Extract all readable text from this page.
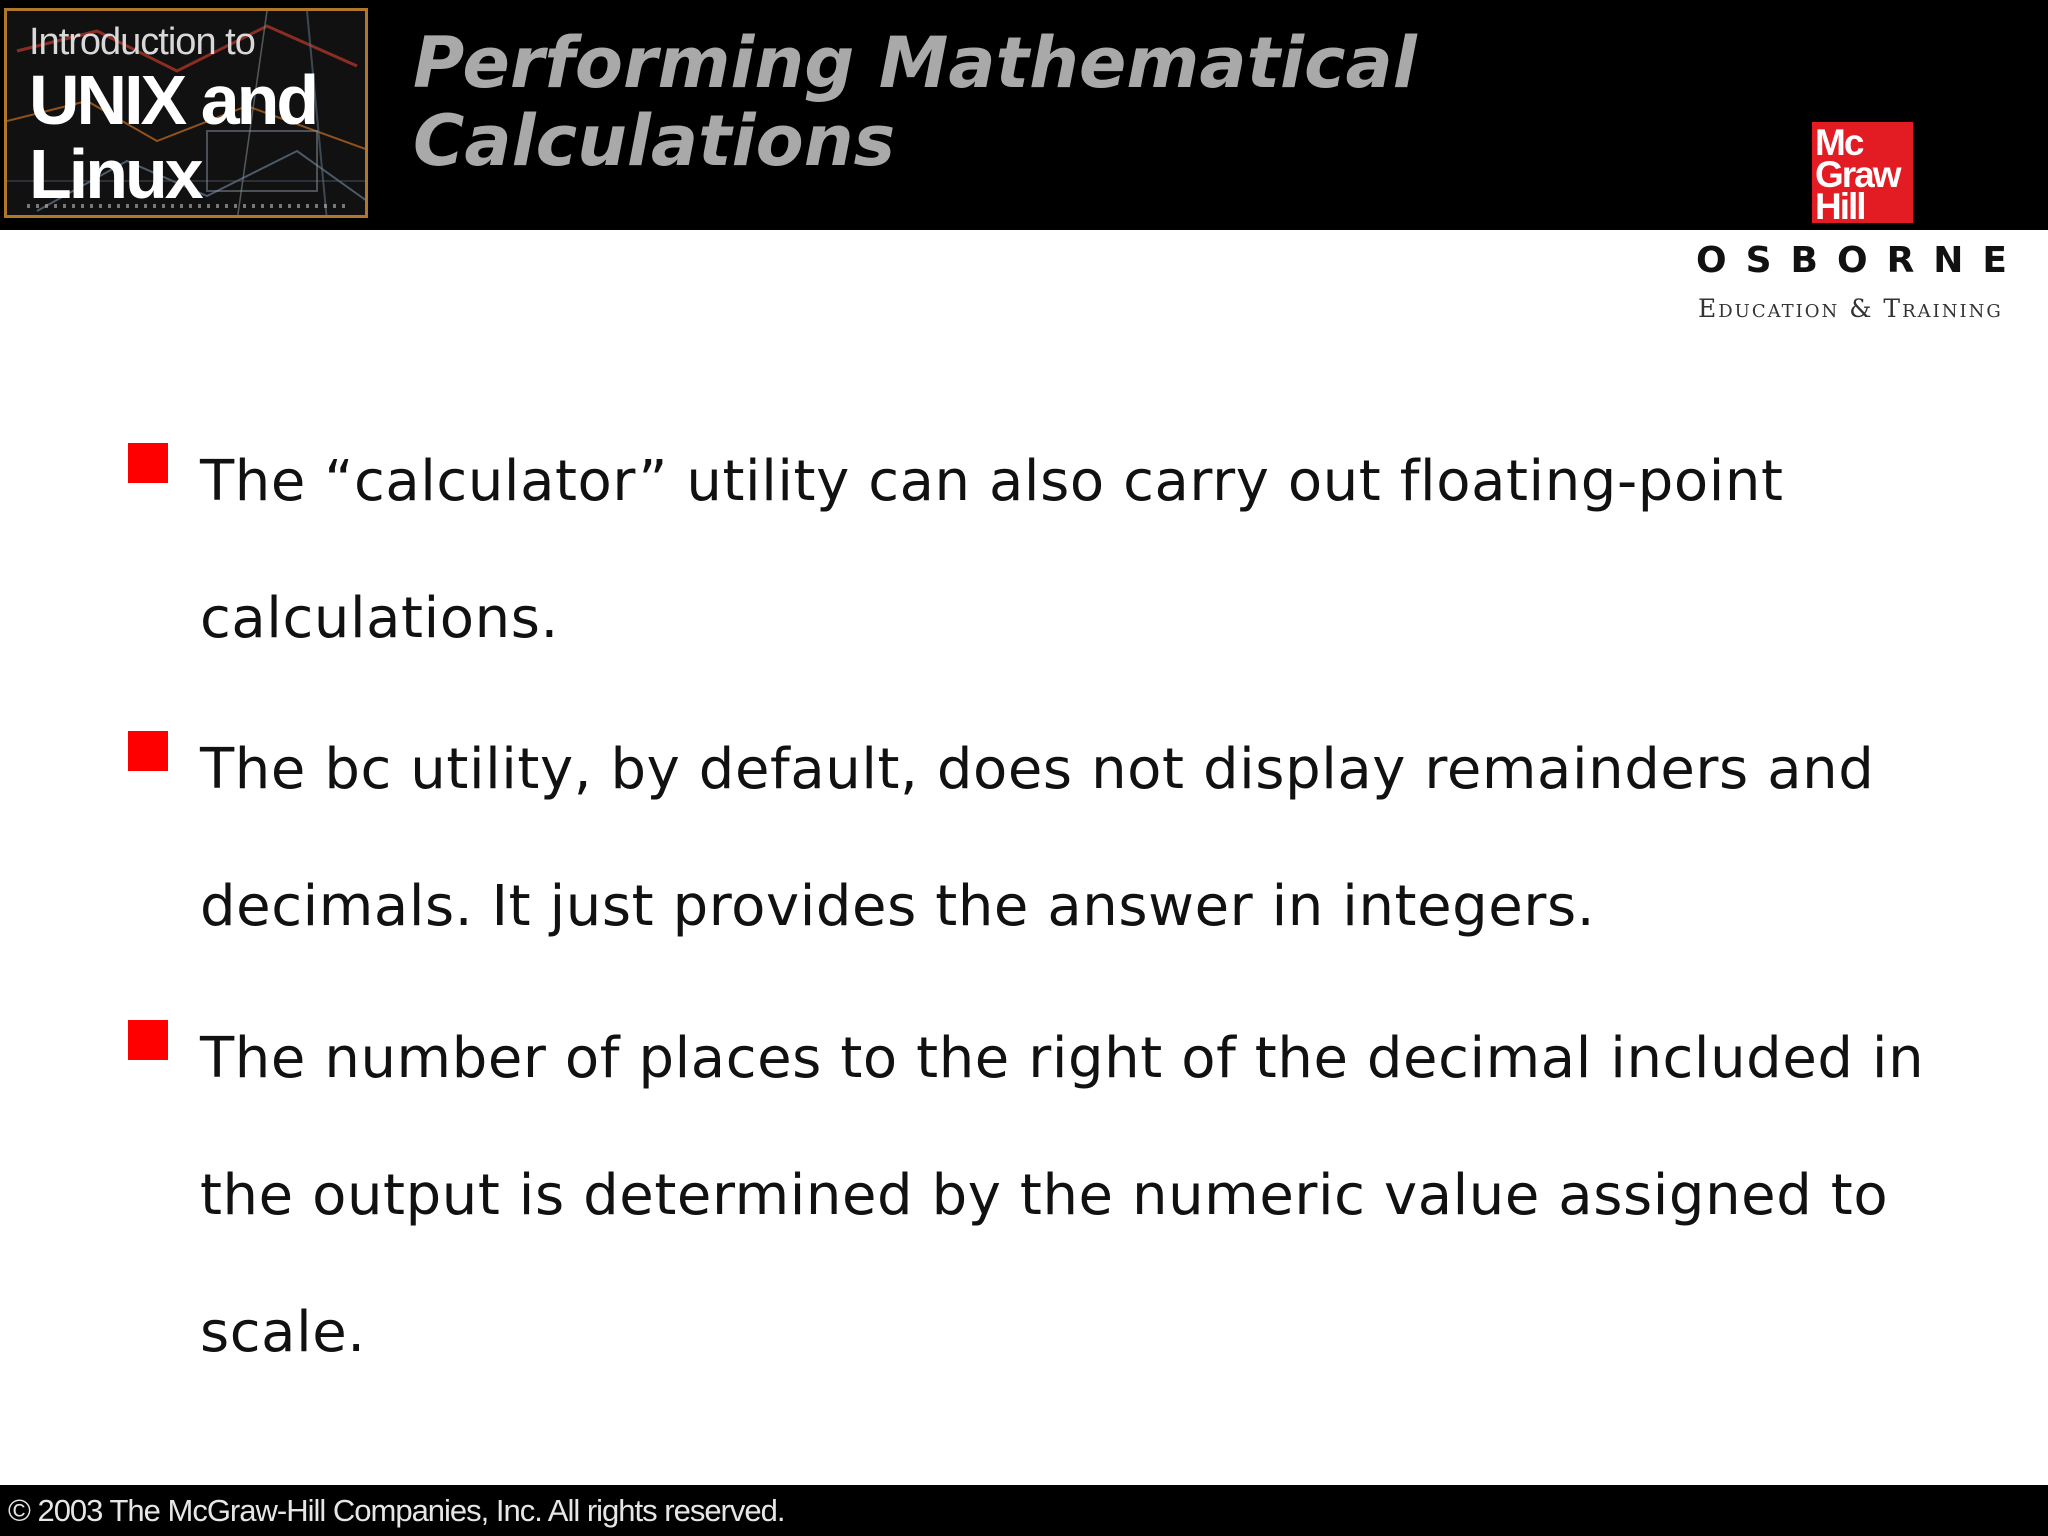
Introduction to
UNIX and
Linux
Performing Mathematical
Calculations	Mc
Graw
Hill
OSBORNE
Education & Training
The “calculator” utility can also carry out floating-point
calculations.
The bc utility, by default, does not display remainders and
decimals. It just provides the answer in integers.
The number of places to the right of the decimal included in
the output is determined by the numeric value assigned to
scale.
© 2003 The McGraw-Hill Companies, Inc. All rights reserved.
